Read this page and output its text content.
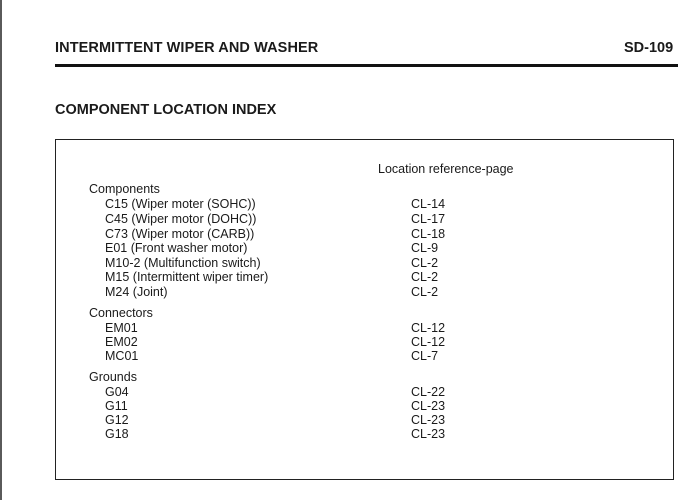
INTERMITTENT WIPER AND WASHER	SD-109
COMPONENT LOCATION INDEX
Location reference-page
Components
C15 (Wiper moter (SOHC))	CL-14
C45 (Wiper motor (DOHC))	CL-17
C73 (Wiper motor (CARB))	CL-18
E01 (Front washer motor)	CL-9
M10-2 (Multifunction switch)	CL-2
M15 (Intermittent wiper timer)	CL-2
M24 (Joint)	CL-2
Connectors
EM01	CL-12
EM02	CL-12
MC01	CL-7
Grounds
G04	CL-22
G11	CL-23
G12	CL-23
G18	CL-23
